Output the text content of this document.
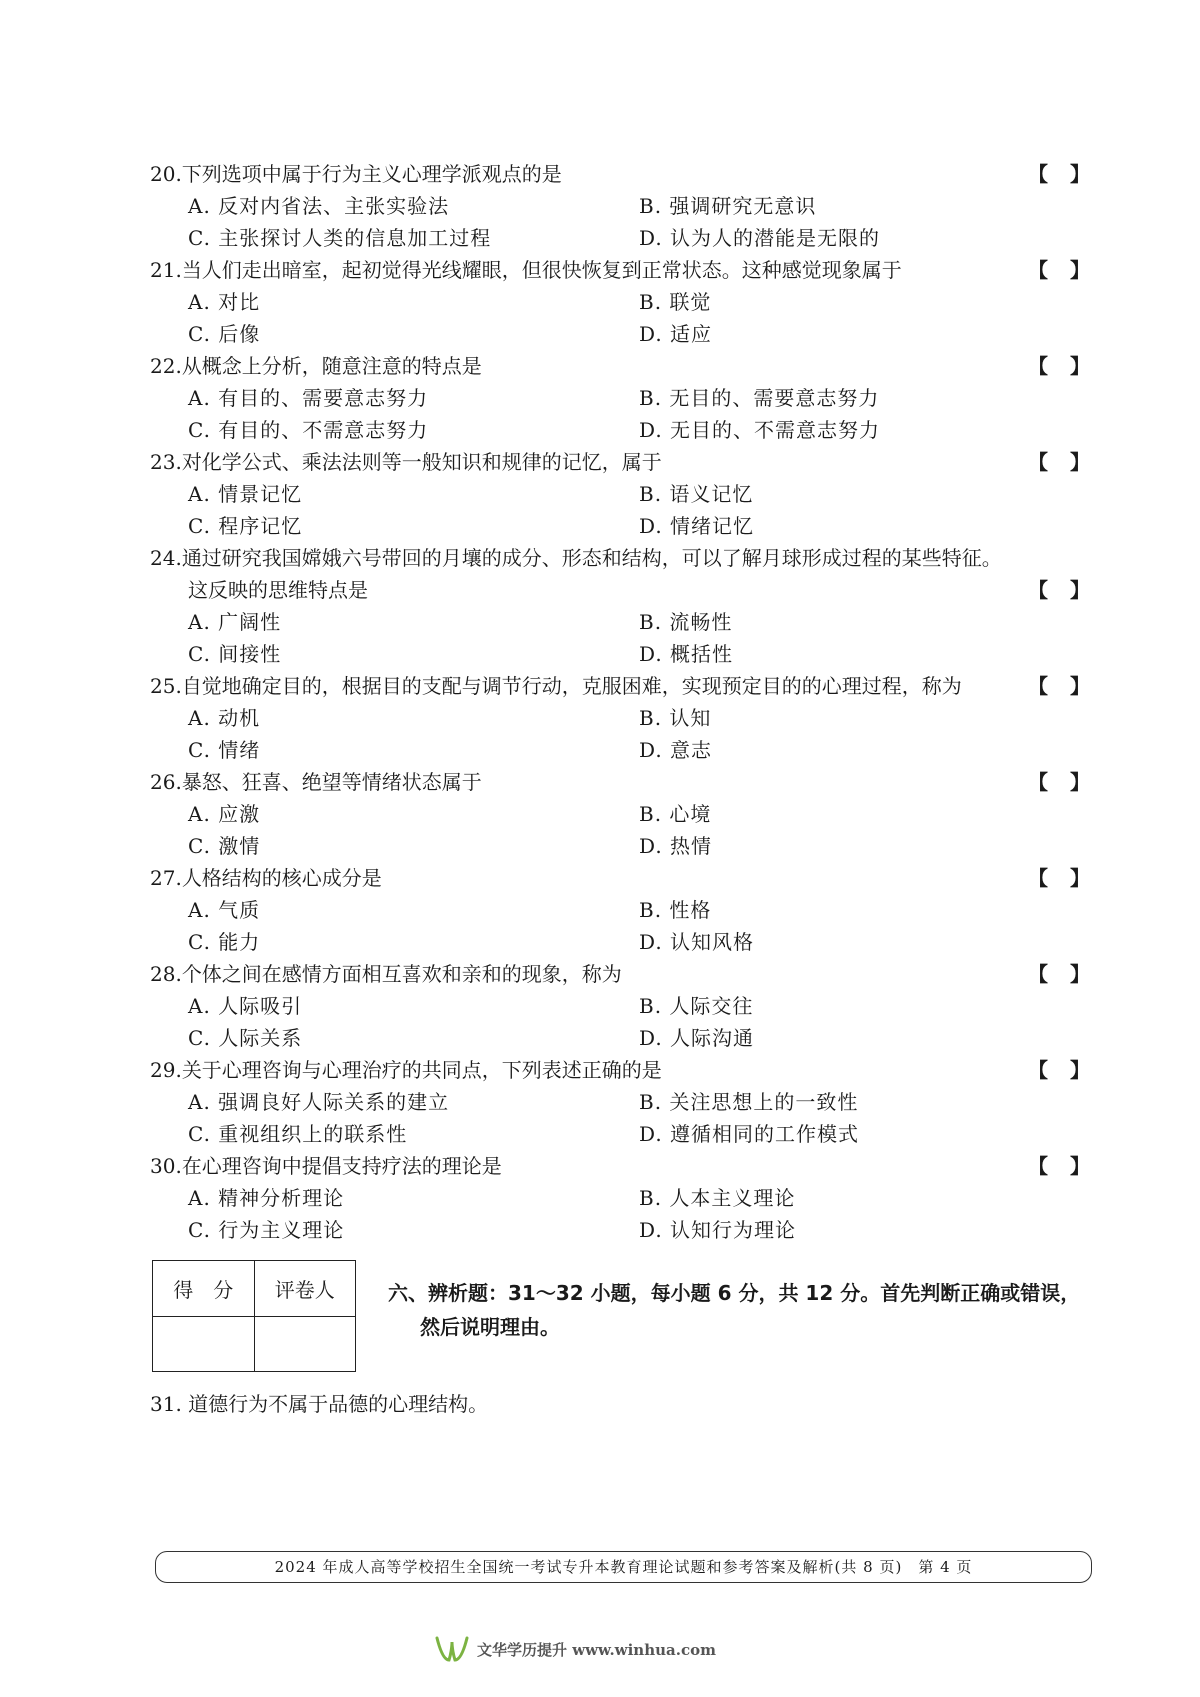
20.下列选项中属于行为主义心理学派观点的是	【】
A. 反对内省法、主张实验法	B. 强调研究无意识
C. 主张探讨人类的信息加工过程	D. 认为人的潜能是无限的
21.当人们走出暗室，起初觉得光线耀眼，但很快恢复到正常状态。这种感觉现象属于	【】
A. 对比	B. 联觉
C. 后像	D. 适应
22.从概念上分析，随意注意的特点是	【】
A. 有目的、需要意志努力	B. 无目的、需要意志努力
C. 有目的、不需意志努力	D. 无目的、不需意志努力
23.对化学公式、乘法法则等一般知识和规律的记忆，属于	【】
A. 情景记忆	B. 语义记忆
C. 程序记忆	D. 情绪记忆
24.通过研究我国嫦娥六号带回的月壤的成分、形态和结构，可以了解月球形成过程的某些特征。
这反映的思维特点是	【】
A. 广阔性	B. 流畅性
C. 间接性	D. 概括性
25.自觉地确定目的，根据目的支配与调节行动，克服困难，实现预定目的的心理过程，称为	【】
A. 动机	B. 认知
C. 情绪	D. 意志
26.暴怒、狂喜、绝望等情绪状态属于	【】
A. 应激	B. 心境
C. 激情	D. 热情
27.人格结构的核心成分是	【】
A. 气质	B. 性格
C. 能力	D. 认知风格
28.个体之间在感情方面相互喜欢和亲和的现象，称为	【】
A. 人际吸引	B. 人际交往
C. 人际关系	D. 人际沟通
29.关于心理咨询与心理治疗的共同点，下列表述正确的是	【】
A. 强调良好人际关系的建立	B. 关注思想上的一致性
C. 重视组织上的联系性	D. 遵循相同的工作模式
30.在心理咨询中提倡支持疗法的理论是	【】
A. 精神分析理论	B. 人本主义理论
C. 行为主义理论	D. 认知行为理论
得　分	评卷人
		六、辨析题：31～32 小题，每小题 6 分，共 12 分。首先判断正确或错误，
然后说明理由。
31. 道德行为不属于品德的心理结构。
2024 年成人高等学校招生全国统一考试专升本教育理论试题和参考答案及解析(共 8 页)　第 4 页
文华学历提升 www.winhua.com
